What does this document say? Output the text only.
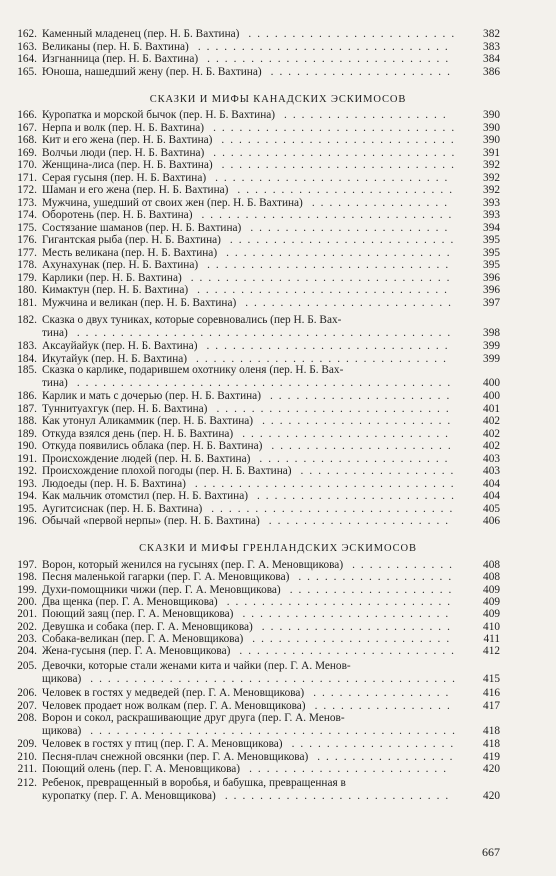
162. Каменный младенец (пер. Н. Б. Вахтина)	382
........................
163. Великаны (пер. Н. Б. Вахтина)	383
.............................
164. Изгнанница (пер. Н. Б. Вахтина)	384
............................
165. Юноша, нашедший жену (пер. Н. Б. Вахтина)	386
.....................
СКАЗКИ И МИФЫ КАНАДСКИХ ЭСКИМОСОВ
166. Куропатка и морской бычок (пер. Н. Б. Вахтина)	390
...................
167. Нерпа и волк (пер. Н. Б. Вахтина)	390
............................
168. Кит и его жена (пер. Н. Б. Вахтина)	390
...........................
169. Волчьи люди (пер. Н. Б. Вахтина)	391
............................
170. Женщина-лиса (пер. Н. Б. Вахтина)	392
...........................
171. Серая гусыня (пер. Н. Б. Вахтина)	392
...........................
172. Шаман и его жена (пер. Н. Б. Вахтина)	392
.........................
173. Мужчина, ушедший от своих жен (пер. Н. Б. Вахтина)	393
................
174. Оборотень (пер. Н. Б. Вахтина)	393
.............................
175. Состязание шаманов (пер. Н. Б. Вахтина)	394
.......................
176. Гигантская рыба (пер. Н. Б. Вахтина)	395
..........................
177. Месть великана (пер. Н. Б. Вахтина)	395
..........................
178. Ахунахунак (пер. Н. Б. Вахтина)	395
............................
179. Карлики (пер. Н. Б. Вахтина)	396
..............................
180. Кимактун (пер. Н. Б. Вахтина)	396
.............................
181. Мужчина и великан (пер. Н. Б. Вахтина)	397
........................
182. Сказка о двух туниках, которые соревновались (пер Н. Б. Вах-
тина)	398
...........................................
183. Аксауйайук (пер. Н. Б. Вахтина)	399
............................
184. Икутайук (пер. Н. Б. Вахтина)	399
.............................
185. Сказка о карлике, подарившем охотнику оленя (пер. Н. Б. Вах-
тина)	400
...........................................
186. Карлик и мать с дочерью (пер. Н. Б. Вахтина)	400
.....................
187. Туннитуахгук (пер. Н. Б. Вахтина)	401
...........................
188. Как утонул Аликаммик (пер. Н. Б. Вахтина)	402
......................
189. Откуда взялся день (пер. Н. Б. Вахтина)	402
........................
190. Откуда появились облака (пер. Н. Б. Вахтина)	402
.....................
191. Происхождение людей (пер. Н. Б. Вахтина)	403
......................
192. Происхождение плохой погоды (пер. Н. Б. Вахтина)	403
..................
193. Людоеды (пер. Н. Б. Вахтина)	404
..............................
194. Как мальчик отомстил (пер. Н. Б. Вахтина)	404
.......................
195. Аугитсиснак (пер. Н. Б. Вахтина)	405
............................
196. Обычай «первой нерпы» (пер. Н. Б. Вахтина)	406
.....................
СКАЗКИ И МИФЫ ГРЕНЛАНДСКИХ ЭСКИМОСОВ
197. Ворон, который женился на гусынях (пер. Г. А. Меновщикова)	408
............
198. Песня маленькой гагарки (пер. Г. А. Меновщикова)	408
..................
199. Духи-помощники чижи (пер. Г. А. Меновщикова)	409
...................
200. Два щенка (пер. Г. А. Меновщикова)	409
..........................
201. Поющий заяц (пер. Г. А. Меновщикова)	409
........................
202. Девушка и собака (пер. Г. А. Меновщикова)	410
......................
203. Собака-великан (пер. Г. А. Меновщикова)	411
.......................
204. Жена-гусыня (пер. Г. А. Меновщикова)	412
.........................
205. Девочки, которые стали женами кита и чайки (пер. Г. А. Менов-
щикова)	415
..........................................
206. Человек в гостях у медведей (пер. Г. А. Меновщикова)	416
................
207. Человек продает нож волкам (пер. Г. А. Меновщикова)	417
................
208. Ворон и сокол, раскрашивающие друг друга (пер. Г. А. Менов-
щикова)	418
..........................................
209. Человек в гостях у птиц (пер. Г. А. Меновщикова)	418
...................
210. Песня-плач снежной овсянки (пер. Г. А. Меновщикова)	419
................
211. Поющий олень (пер. Г. А. Меновщикова)	420
.......................
212. Ребенок, превращенный в воробья, и бабушка, превращенная в
куропатку (пер. Г. А. Меновщикова)	420
..........................
667
